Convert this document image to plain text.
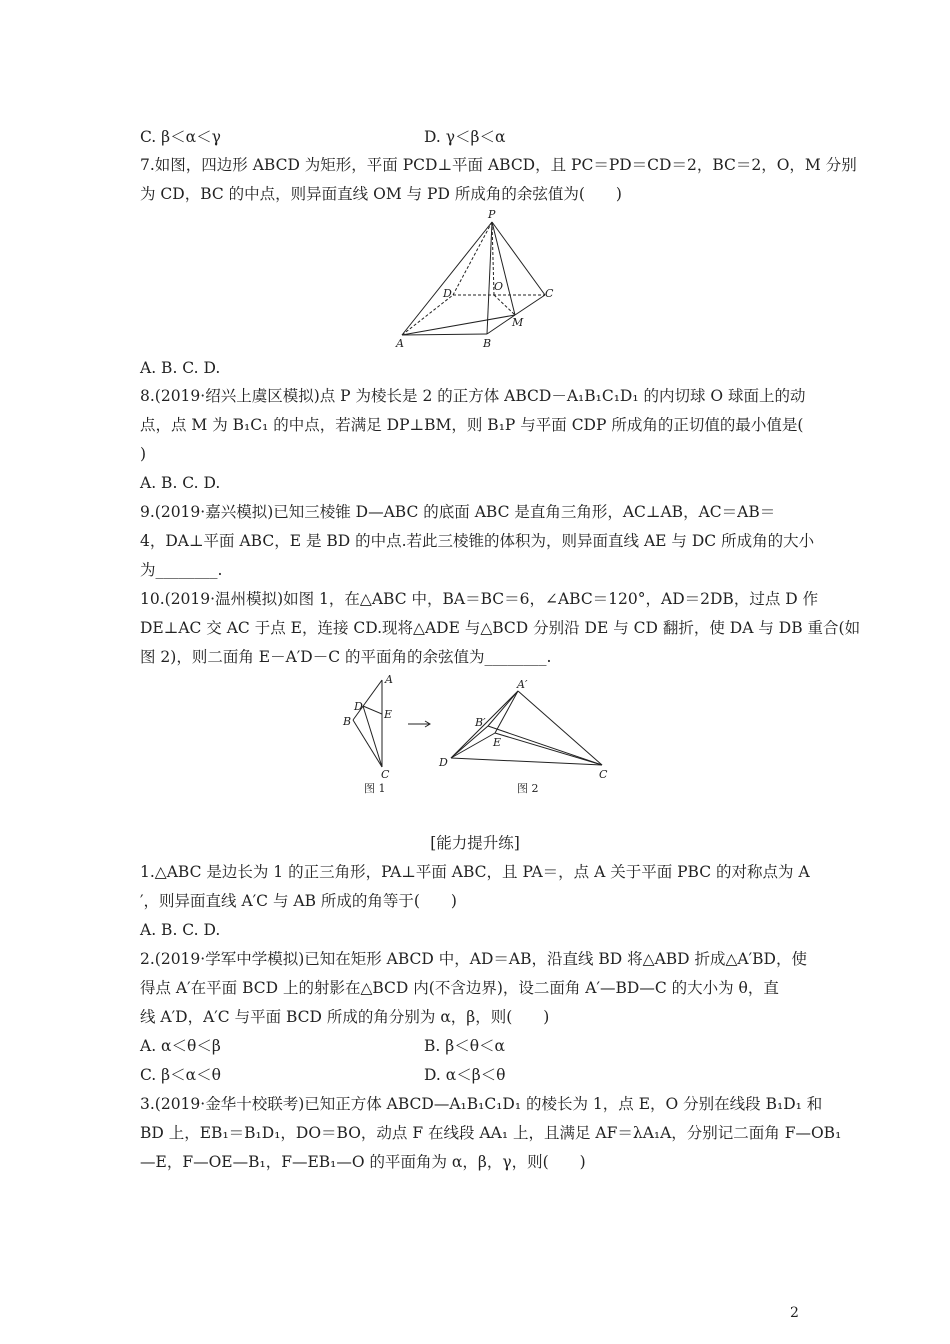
C. β＜α＜γ	D. γ＜β＜α
7.如图，四边形 ABCD 为矩形，平面 PCD⊥平面 ABCD，且 PC＝PD＝CD＝2，BC＝2，O，M 分别
为 CD，BC 的中点，则异面直线 OM 与 PD 所成角的余弦值为(　　)
P
D
O
C
M
A	B
A. B. C. D.
8.(2019·绍兴上虞区模拟)点 P 为棱长是 2 的正方体 ABCD－A₁B₁C₁D₁ 的内切球 O 球面上的动
点，点 M 为 B₁C₁ 的中点，若满足 DP⊥BM，则 B₁P 与平面 CDP 所成角的正切值的最小值是(
)
A. B. C. D.
9.(2019·嘉兴模拟)已知三棱锥 D—ABC 的底面 ABC 是直角三角形，AC⊥AB，AC＝AB＝
4，DA⊥平面 ABC，E 是 BD 的中点.若此三棱锥的体积为，则异面直线 AE 与 DC 所成角的大小
为________.
10.(2019·温州模拟)如图 1，在△ABC 中，BA＝BC＝6，∠ABC＝120°，AD＝2DB，过点 D 作
DE⊥AC 交 AC 于点 E，连接 CD.现将△ADE 与△BCD 分别沿 DE 与 CD 翻折，使 DA 与 DB 重合(如
图 2)，则二面角 E－A′D－C 的平面角的余弦值为________.
A
D
B
E
C
图 1
A′
B′
E
D
C
图 2
[能力提升练]
1.△ABC 是边长为 1 的正三角形，PA⊥平面 ABC，且 PA＝，点 A 关于平面 PBC 的对称点为 A
′，则异面直线 A′C 与 AB 所成的角等于(　　)
A. B. C. D.
2.(2019·学军中学模拟)已知在矩形 ABCD 中，AD＝AB，沿直线 BD 将△ABD 折成△A′BD，使
得点 A′在平面 BCD 上的射影在△BCD 内(不含边界)，设二面角 A′—BD—C 的大小为 θ，直
线 A′D，A′C 与平面 BCD 所成的角分别为 α，β，则(　　)
A. α＜θ＜β	B. β＜θ＜α
C. β＜α＜θ	D. α＜β＜θ
3.(2019·金华十校联考)已知正方体 ABCD—A₁B₁C₁D₁ 的棱长为 1，点 E，O 分别在线段 B₁D₁ 和
BD 上，EB₁＝B₁D₁，DO＝BO，动点 F 在线段 AA₁ 上，且满足 AF＝λA₁A，分别记二面角 F—OB₁
—E，F—OE—B₁，F—EB₁—O 的平面角为 α，β，γ，则(　　)
2
